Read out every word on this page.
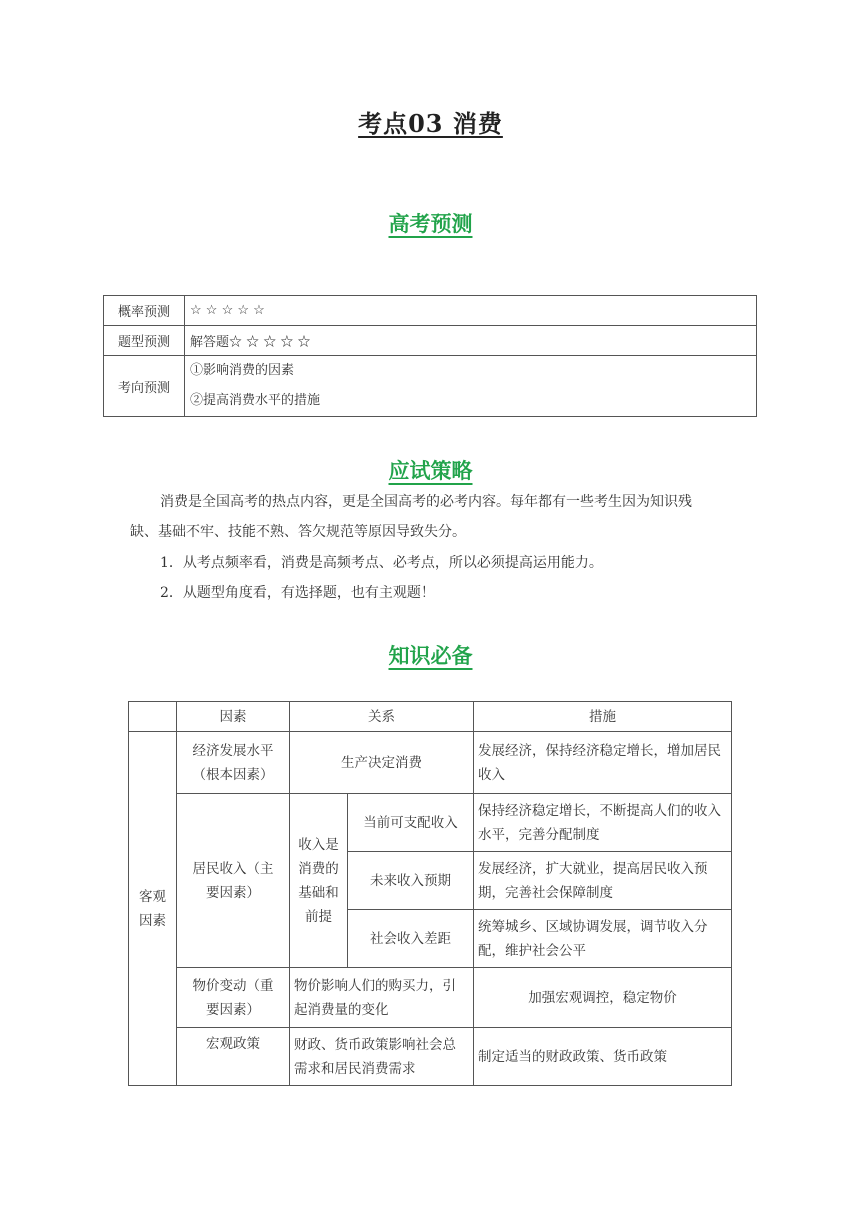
考点03 消费
高考预测
概率预测	☆ ☆ ☆ ☆ ☆
题型预测	解答题☆ ☆ ☆ ☆ ☆
考向预测	①影响消费的因素
②提高消费水平的措施
应试策略
消费是全国高考的热点内容，更是全国高考的必考内容。每年都有一些考生因为知识残
缺、基础不牢、技能不熟、答欠规范等原因导致失分。
1．从考点频率看，消费是高频考点、必考点，所以必须提高运用能力。
2．从题型角度看，有选择题，也有主观题！
知识必备
	因素	关系		措施
客观因素	经济发展水平（根本因素）	生产决定消费		发展经济，保持经济稳定增长，增加居民收入
	居民收入（主要因素）	收入是消费的基础和前提	当前可支配收入	保持经济稳定增长，不断提高人们的收入水平，完善分配制度
			未来收入预期	发展经济，扩大就业，提高居民收入预期，完善社会保障制度
			社会收入差距	统筹城乡、区域协调发展，调节收入分配，维护社会公平
	物价变动（重要因素）	物价影响人们的购买力，引起消费量的变化		加强宏观调控，稳定物价
	宏观政策	财政、货币政策影响社会总需求和居民消费需求		制定适当的财政政策、货币政策
